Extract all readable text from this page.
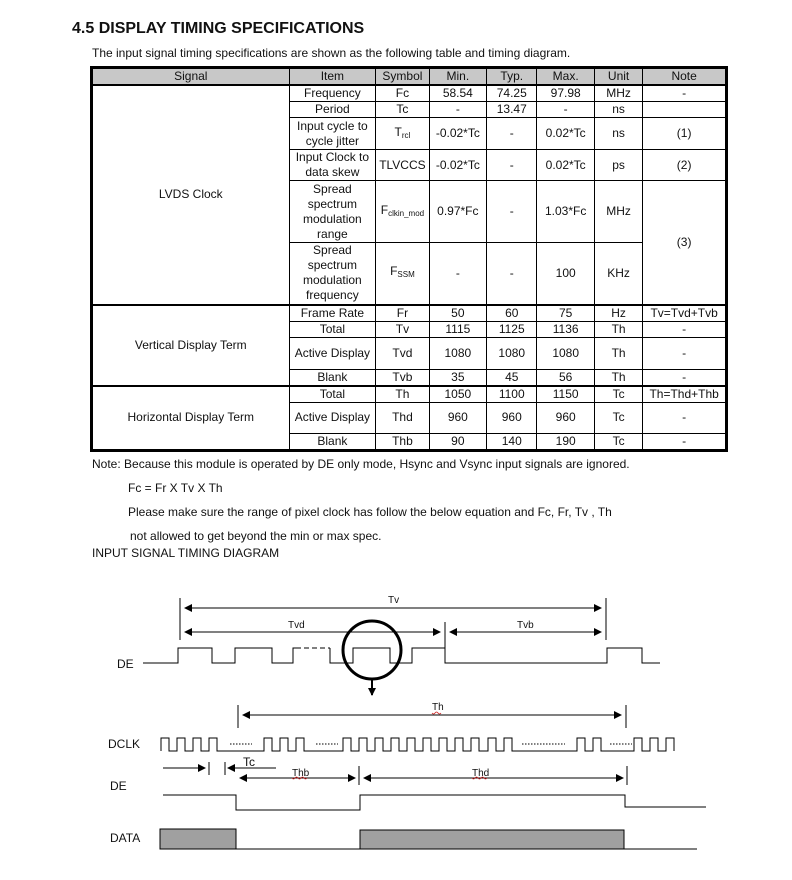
4.5 DISPLAY TIMING SPECIFICATIONS
The input signal timing specifications are shown as the following table and timing diagram.
Signal	Item	Symbol	Min.	Typ.	Max.	Unit	Note
LVDS Clock	Frequency	Fc	58.54	74.25	97.98	MHz	-
	Period	Tc	-	13.47	-	ns	
	Input cycle to cycle jitter	$T_{rcl}$	-0.02*Tc	-	0.02*Tc	ns	(1)
	Input Clock to data skew	TLVCCS	-0.02*Tc	-	0.02*Tc	ps	(2)
	Spread spectrum modulation range	$F_{clkin\_mod}$	0.97*Fc	-	1.03*Fc	MHz	(3)
	Spread spectrum modulation frequency	$F_{SSM}$	-	-	100	KHz	
Vertical Display Term	Frame Rate	Fr	50	60	75	Hz	Tv=Tvd+Tvb
	Total	Tv	1115	1125	1136	Th	-
	Active Display	Tvd	1080	1080	1080	Th	-
	Blank	Tvb	35	45	56	Th	-
Horizontal Display Term	Total	Th	1050	1100	1150	Tc	Th=Thd+Thb
	Active Display	Thd	960	960	960	Tc	-
	Blank	Thb	90	140	190	Tc	-
Note: Because this module is operated by DE only mode, Hsync and Vsync input signals are ignored.
Fc = Fr X Tv X Th
Please make sure the range of pixel clock has follow the below equation and Fc, Fr, Tv , Th
not allowed to get beyond the min or max spec.
INPUT SIGNAL TIMING DIAGRAM
Tv
Tvd	Tvb
DE
Th
DCLK
Tc
Thb	Thd
DE
DATA
